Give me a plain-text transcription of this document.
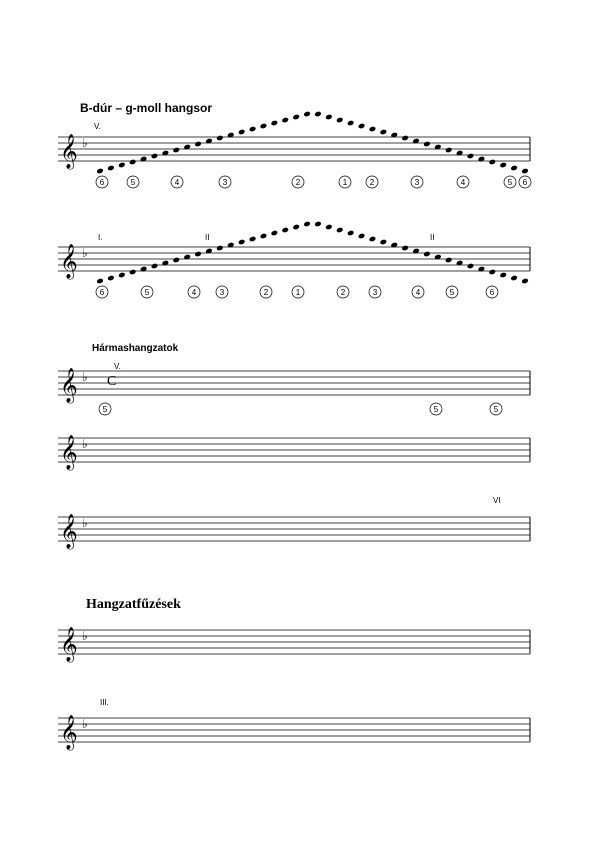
B-dúr – g-moll hangsor
Hármashangzatok
Hangzatfűzések
𝄞 ♭
𝄞 ♭
𝄞 ♭
𝄞 ♭
𝄞 ♭
𝄞 ♭
𝄞 ♭
V.
I.	II	II
V.
VI
III.
C
6	5	4	3	2	1	2	3	4	5 6
6	5	4	3	2	1	2	3	4	5	6
5	5
5
